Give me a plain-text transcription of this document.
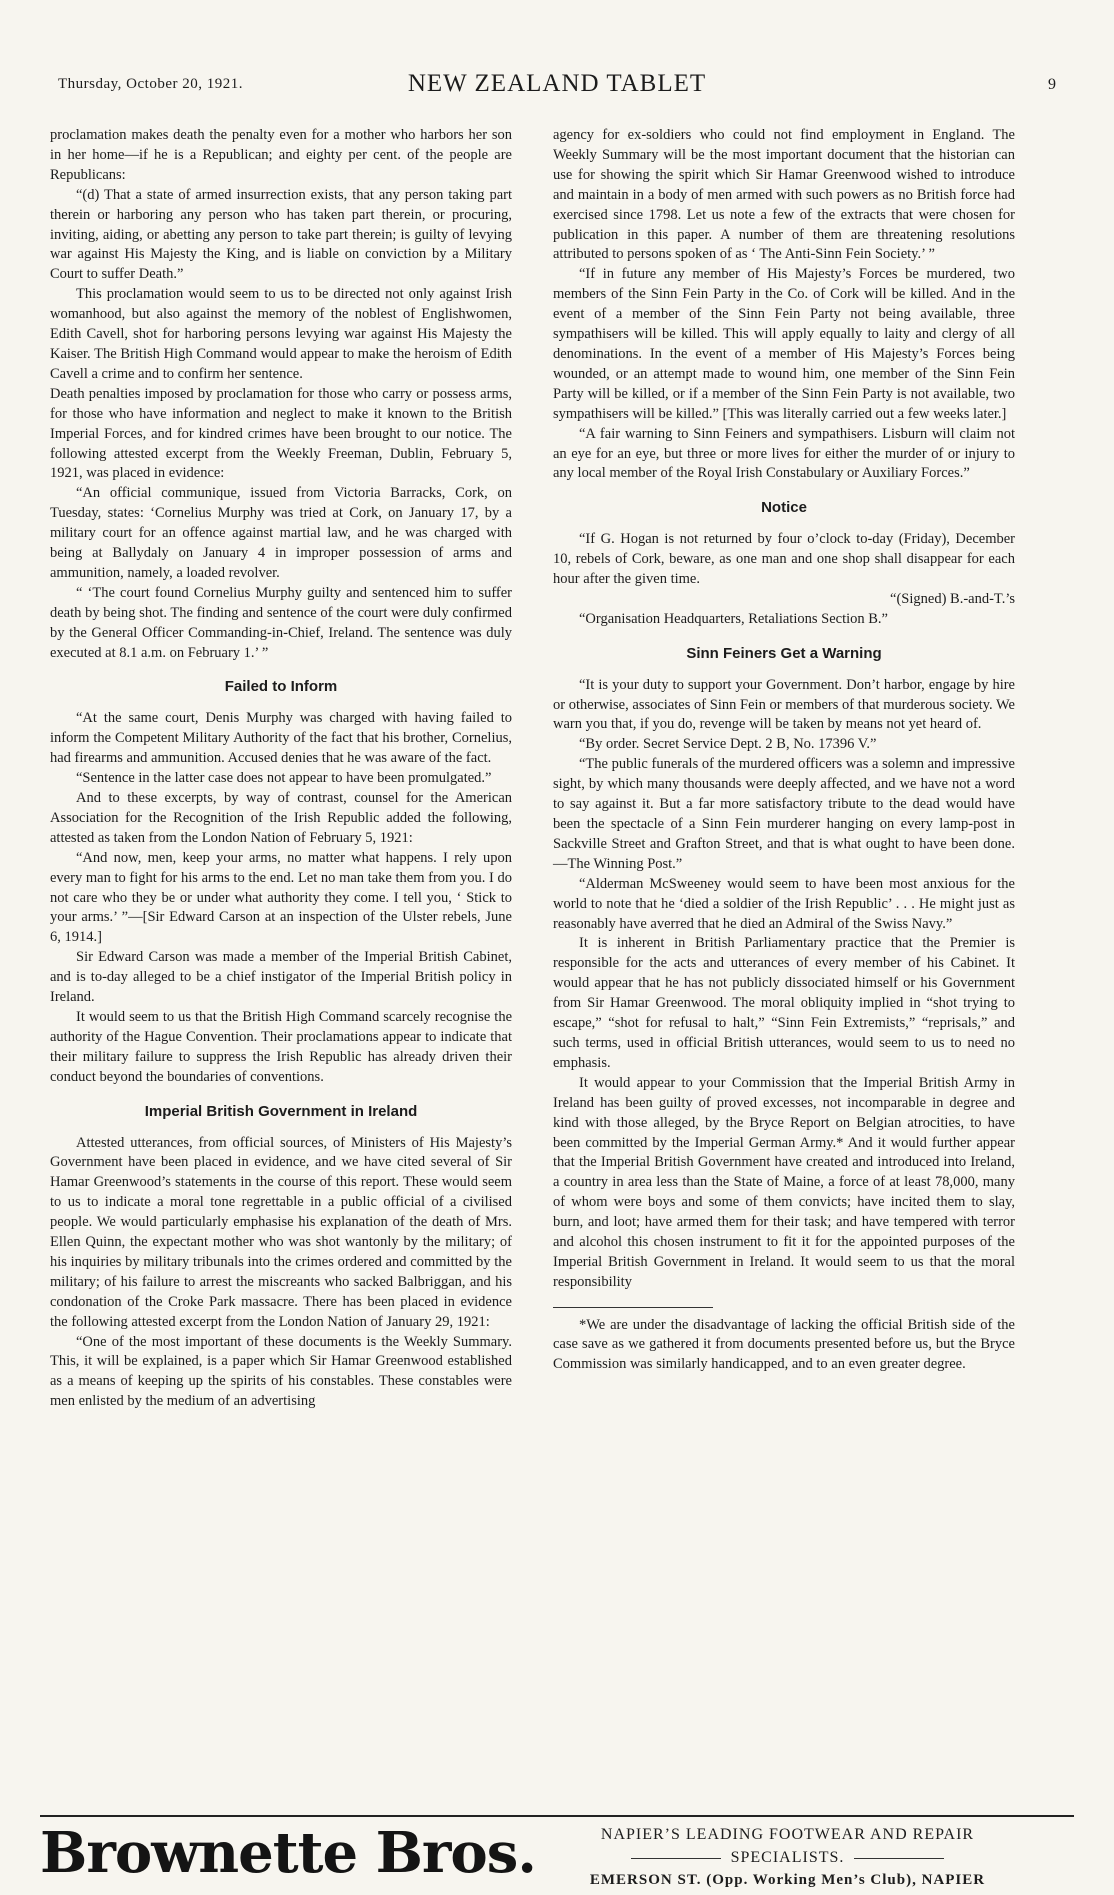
Thursday, October 20, 1921.	NEW ZEALAND TABLET	9

proclamation makes death the penalty even for a mother who harbors her son in her home—if he is a Republican; and eighty per cent. of the people are Republicans:

“(d) That a state of armed insurrection exists, that any person taking part therein or harboring any person who has taken part therein, or procuring, inviting, aiding, or abetting any person to take part therein; is guilty of levying war against His Majesty the King, and is liable on conviction by a Military Court to suffer Death.”

This proclamation would seem to us to be directed not only against Irish womanhood, but also against the memory of the noblest of Englishwomen, Edith Cavell, shot for harboring persons levying war against His Majesty the Kaiser. The British High Command would appear to make the heroism of Edith Cavell a crime and to confirm her sentence.

Death penalties imposed by proclamation for those who carry or possess arms, for those who have information and neglect to make it known to the British Imperial Forces, and for kindred crimes have been brought to our notice. The following attested excerpt from the Weekly Freeman, Dublin, February 5, 1921, was placed in evidence:

“An official communique, issued from Victoria Barracks, Cork, on Tuesday, states: ‘Cornelius Murphy was tried at Cork, on January 17, by a military court for an offence against martial law, and he was charged with being at Ballydaly on January 4 in improper possession of arms and ammunition, namely, a loaded revolver.

“ ‘The court found Cornelius Murphy guilty and sentenced him to suffer death by being shot. The finding and sentence of the court were duly confirmed by the General Officer Commanding-in-Chief, Ireland. The sentence was duly executed at 8.1 a.m. on February 1.’ ”

Failed to Inform

“At the same court, Denis Murphy was charged with having failed to inform the Competent Military Authority of the fact that his brother, Cornelius, had firearms and ammunition. Accused denies that he was aware of the fact.

“Sentence in the latter case does not appear to have been promulgated.”

And to these excerpts, by way of contrast, counsel for the American Association for the Recognition of the Irish Republic added the following, attested as taken from the London Nation of February 5, 1921:

“And now, men, keep your arms, no matter what happens. I rely upon every man to fight for his arms to the end. Let no man take them from you. I do not care who they be or under what authority they come. I tell you, ‘ Stick to your arms.’ ”—[Sir Edward Carson at an inspection of the Ulster rebels, June 6, 1914.]

Sir Edward Carson was made a member of the Imperial British Cabinet, and is to-day alleged to be a chief instigator of the Imperial British policy in Ireland.

It would seem to us that the British High Command scarcely recognise the authority of the Hague Convention. Their proclamations appear to indicate that their military failure to suppress the Irish Republic has already driven their conduct beyond the boundaries of conventions.

Imperial British Government in Ireland

Attested utterances, from official sources, of Ministers of His Majesty’s Government have been placed in evidence, and we have cited several of Sir Hamar Greenwood’s statements in the course of this report. These would seem to us to indicate a moral tone regrettable in a public official of a civilised people. We would particularly emphasise his explanation of the death of Mrs. Ellen Quinn, the expectant mother who was shot wantonly by the military; of his inquiries by military tribunals into the crimes ordered and committed by the military; of his failure to arrest the miscreants who sacked Balbriggan, and his condonation of the Croke Park massacre. There has been placed in evidence the following attested excerpt from the London Nation of January 29, 1921:

“One of the most important of these documents is the Weekly Summary. This, it will be explained, is a paper which Sir Hamar Greenwood established as a means of keeping up the spirits of his constables. These constables were men enlisted by the medium of an advertising

agency for ex-soldiers who could not find employment in England. The Weekly Summary will be the most important document that the historian can use for showing the spirit which Sir Hamar Greenwood wished to introduce and maintain in a body of men armed with such powers as no British force had exercised since 1798. Let us note a few of the extracts that were chosen for publication in this paper. A number of them are threatening resolutions attributed to persons spoken of as ‘ The Anti-Sinn Fein Society.’ ”

“If in future any member of His Majesty’s Forces be murdered, two members of the Sinn Fein Party in the Co. of Cork will be killed. And in the event of a member of the Sinn Fein Party not being available, three sympathisers will be killed. This will apply equally to laity and clergy of all denominations. In the event of a member of His Majesty’s Forces being wounded, or an attempt made to wound him, one member of the Sinn Fein Party will be killed, or if a member of the Sinn Fein Party is not available, two sympathisers will be killed.” [This was literally carried out a few weeks later.]

“A fair warning to Sinn Feiners and sympathisers. Lisburn will claim not an eye for an eye, but three or more lives for either the murder of or injury to any local member of the Royal Irish Constabulary or Auxiliary Forces.”

Notice

“If G. Hogan is not returned by four o’clock to-day (Friday), December 10, rebels of Cork, beware, as one man and one shop shall disappear for each hour after the given time.

“(Signed) B.-and-T.’s

“Organisation Headquarters, Retaliations Section B.”

Sinn Feiners Get a Warning

“It is your duty to support your Government. Don’t harbor, engage by hire or otherwise, associates of Sinn Fein or members of that murderous society. We warn you that, if you do, revenge will be taken by means not yet heard of.

“By order. Secret Service Dept. 2 B, No. 17396 V.”

“The public funerals of the murdered officers was a solemn and impressive sight, by which many thousands were deeply affected, and we have not a word to say against it. But a far more satisfactory tribute to the dead would have been the spectacle of a Sinn Fein murderer hanging on every lamp-post in Sackville Street and Grafton Street, and that is what ought to have been done.—The Winning Post.”

“Alderman McSweeney would seem to have been most anxious for the world to note that he ‘died a soldier of the Irish Republic’ . . . He might just as reasonably have averred that he died an Admiral of the Swiss Navy.”

It is inherent in British Parliamentary practice that the Premier is responsible for the acts and utterances of every member of his Cabinet. It would appear that he has not publicly dissociated himself or his Government from Sir Hamar Greenwood. The moral obliquity implied in “shot trying to escape,” “shot for refusal to halt,” “Sinn Fein Extremists,” “reprisals,” and such terms, used in official British utterances, would seem to us to need no emphasis.

It would appear to your Commission that the Imperial British Army in Ireland has been guilty of proved excesses, not incomparable in degree and kind with those alleged, by the Bryce Report on Belgian atrocities, to have been committed by the Imperial German Army.* And it would further appear that the Imperial British Government have created and introduced into Ireland, a country in area less than the State of Maine, a force of at least 78,000, many of whom were boys and some of them convicts; have incited them to slay, burn, and loot; have armed them for their task; and have tempered with terror and alcohol this chosen instrument to fit it for the appointed purposes of the Imperial British Government in Ireland. It would seem to us that the moral responsibility

*We are under the disadvantage of lacking the official British side of the case save as we gathered it from documents presented before us, but the Bryce Commission was similarly handicapped, and to an even greater degree.

Brownette Bros.	NAPIER’S LEADING FOOTWEAR AND REPAIR
SPECIALISTS.
EMERSON ST. (Opp. Working Men’s Club), NAPIER
